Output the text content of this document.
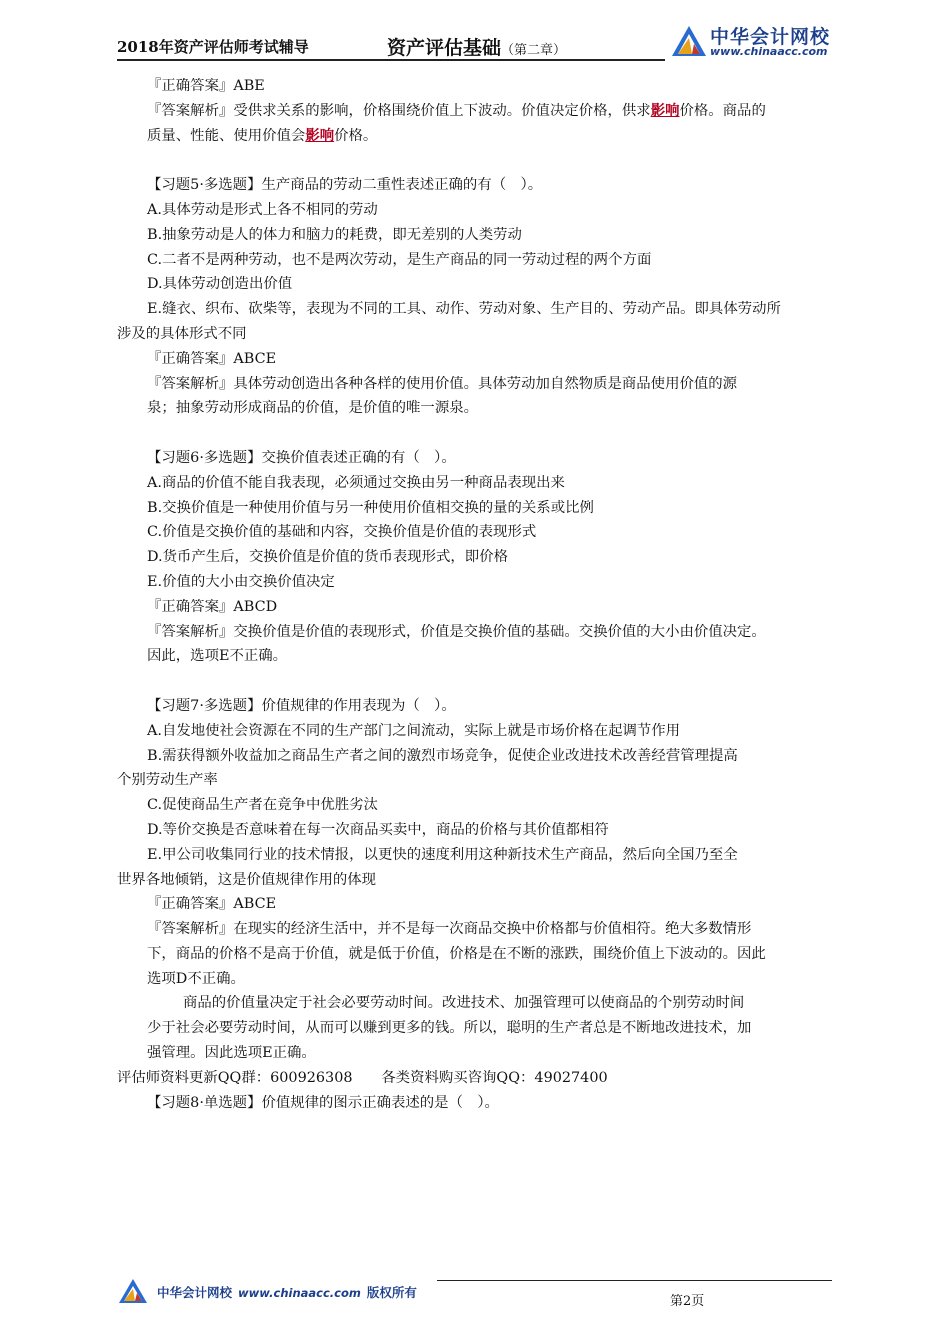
2018年资产评估师考试辅导	资产评估基础（第二章）
中华会计网校
www.chinaacc.com

『正确答案』ABE

『答案解析』受供求关系的影响，价格围绕价值上下波动。价值决定价格，供求影响价格。商品的

质量、性能、使用价值会影响价格。

【习题5·多选题】生产商品的劳动二重性表述正确的有（　）。

A.具体劳动是形式上各不相同的劳动

B.抽象劳动是人的体力和脑力的耗费，即无差别的人类劳动

C.二者不是两种劳动，也不是两次劳动，是生产商品的同一劳动过程的两个方面

D.具体劳动创造出价值

E.缝衣、织布、砍柴等，表现为不同的工具、动作、劳动对象、生产目的、劳动产品。即具体劳动所

涉及的具体形式不同

『正确答案』ABCE

『答案解析』具体劳动创造出各种各样的使用价值。具体劳动加自然物质是商品使用价值的源

泉；抽象劳动形成商品的价值，是价值的唯一源泉。

【习题6·多选题】交换价值表述正确的有（　）。

A.商品的价值不能自我表现，必须通过交换由另一种商品表现出来

B.交换价值是一种使用价值与另一种使用价值相交换的量的关系或比例

C.价值是交换价值的基础和内容，交换价值是价值的表现形式

D.货币产生后，交换价值是价值的货币表现形式，即价格

E.价值的大小由交换价值决定

『正确答案』ABCD

『答案解析』交换价值是价值的表现形式，价值是交换价值的基础。交换价值的大小由价值决定。

因此，选项E不正确。

【习题7·多选题】价值规律的作用表现为（　）。

A.自发地使社会资源在不同的生产部门之间流动，实际上就是市场价格在起调节作用

B.需获得额外收益加之商品生产者之间的激烈市场竞争，促使企业改进技术改善经营管理提高

个别劳动生产率

C.促使商品生产者在竞争中优胜劣汰

D.等价交换是否意味着在每一次商品买卖中，商品的价格与其价值都相符

E.甲公司收集同行业的技术情报，以更快的速度利用这种新技术生产商品，然后向全国乃至全

世界各地倾销，这是价值规律作用的体现

『正确答案』ABCE

『答案解析』在现实的经济生活中，并不是每一次商品交换中价格都与价值相符。绝大多数情形

下，商品的价格不是高于价值，就是低于价值，价格是在不断的涨跌，围绕价值上下波动的。因此

选项D不正确。

商品的价值量决定于社会必要劳动时间。改进技术、加强管理可以使商品的个别劳动时间

少于社会必要劳动时间，从而可以赚到更多的钱。所以，聪明的生产者总是不断地改进技术，加

强管理。因此选项E正确。

评估师资料更新QQ群：600926308　　各类资料购买咨询QQ：49027400

【习题8·单选题】价值规律的图示正确表述的是（　）。

中华会计网校 www.chinaacc.com 版权所有
第2页
